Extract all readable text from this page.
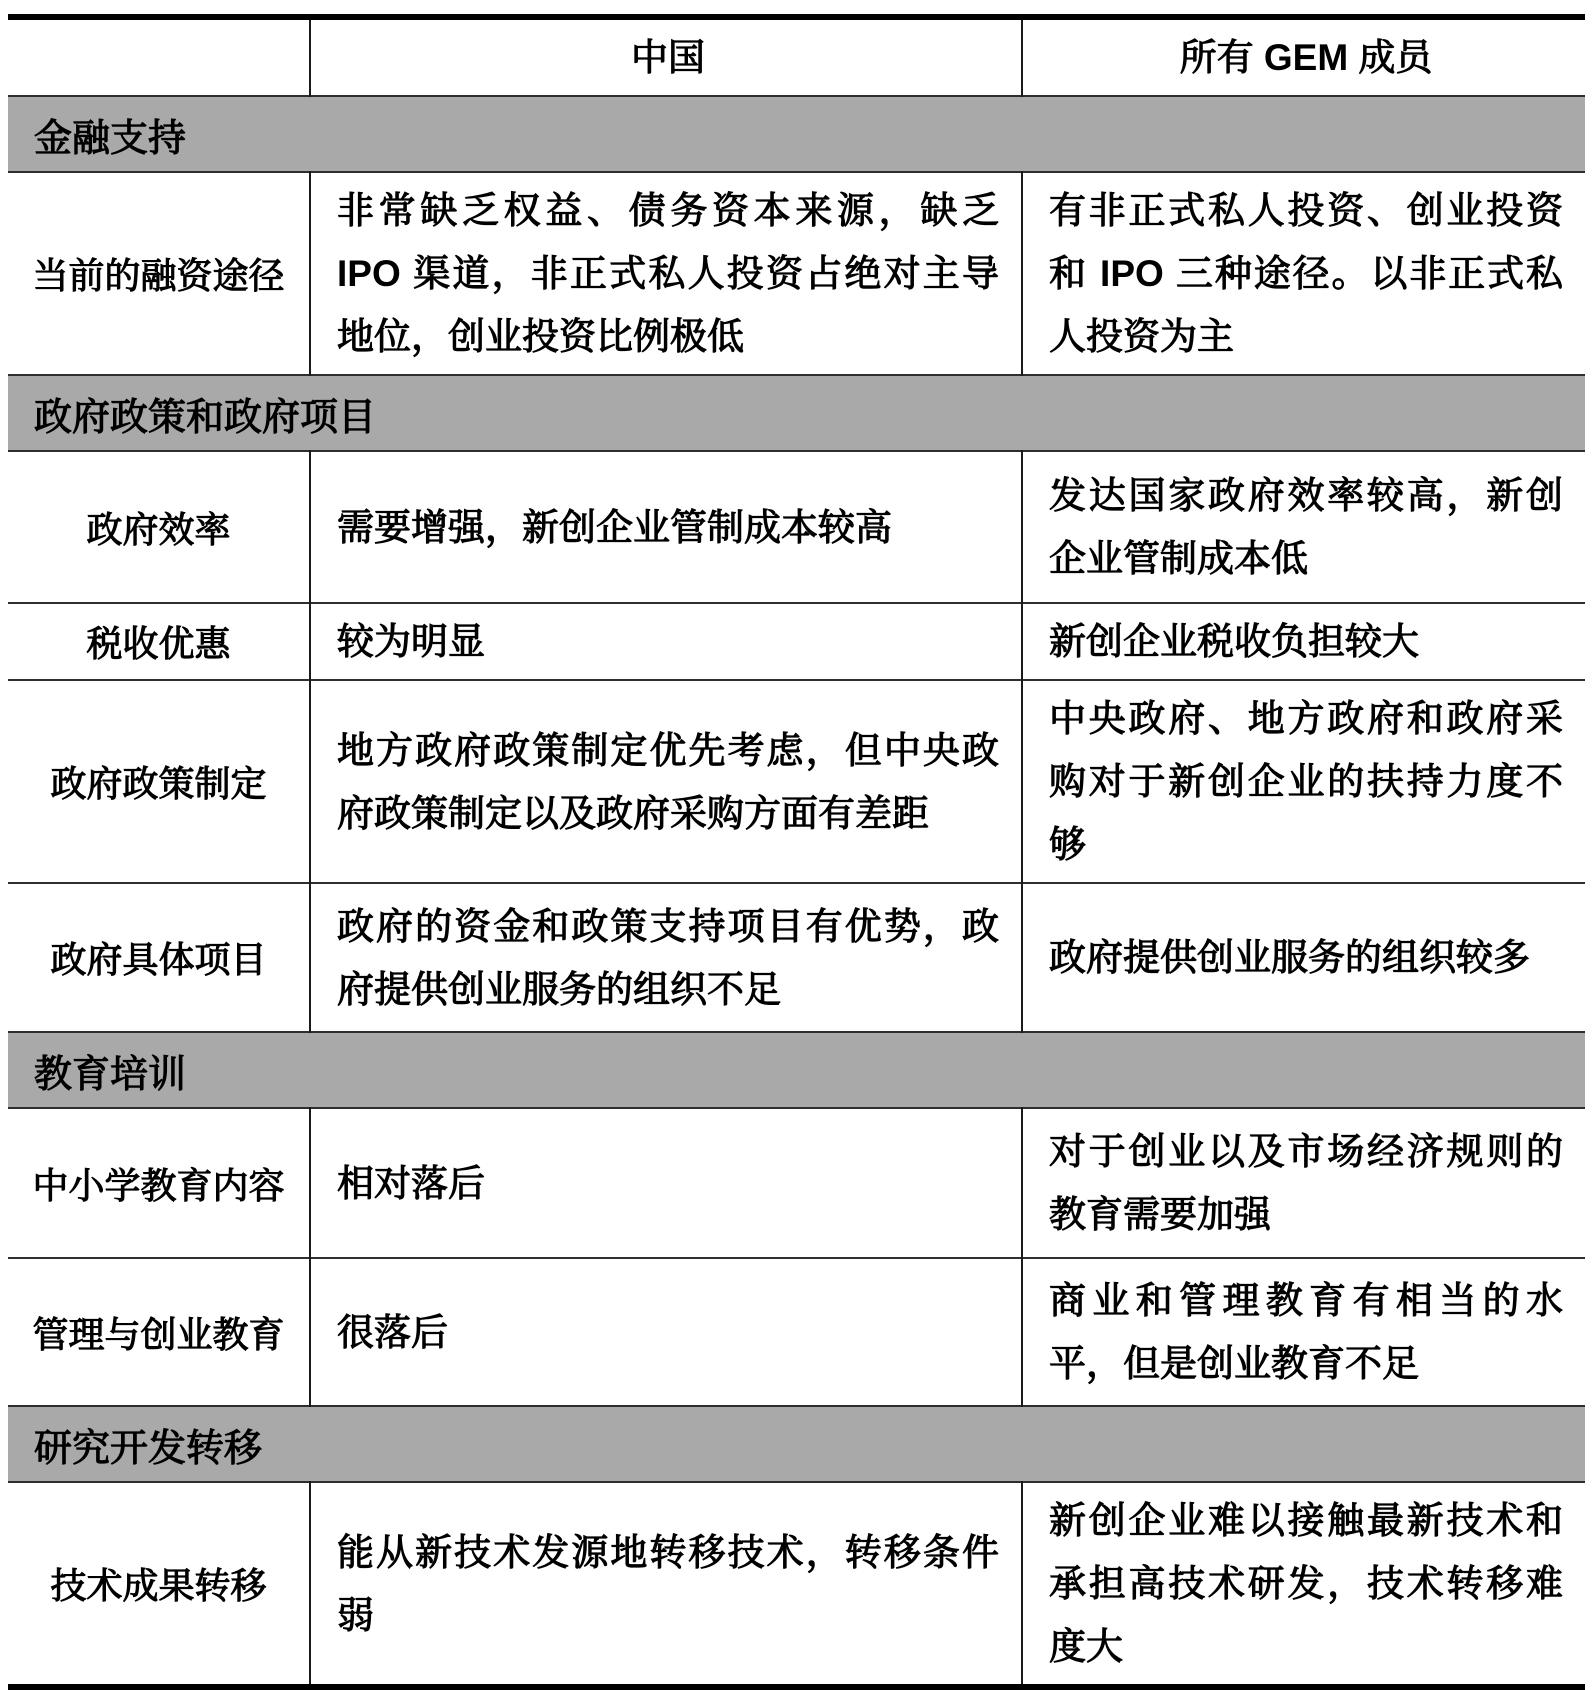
	中国	所有 GEM 成员
金融支持		
当前的融资途径	非常缺乏权益、债务资本来源，缺乏 IPO 渠道，非正式私人投资占绝对主导地位，创业投资比例极低	有非正式私人投资、创业投资和 IPO 三种途径。以非正式私人投资为主
政府政策和政府项目		
政府效率	需要增强，新创企业管制成本较高	发达国家政府效率较高，新创企业管制成本低
税收优惠	较为明显	新创企业税收负担较大
政府政策制定	地方政府政策制定优先考虑，但中央政府政策制定以及政府采购方面有差距	中央政府、地方政府和政府采购对于新创企业的扶持力度不够
政府具体项目	政府的资金和政策支持项目有优势，政府提供创业服务的组织不足	政府提供创业服务的组织较多
教育培训		
中小学教育内容	相对落后	对于创业以及市场经济规则的教育需要加强
管理与创业教育	很落后	商业和管理教育有相当的水平，但是创业教育不足
研究开发转移		
技术成果转移	能从新技术发源地转移技术，转移条件弱	新创企业难以接触最新技术和承担高技术研发，技术转移难度大
